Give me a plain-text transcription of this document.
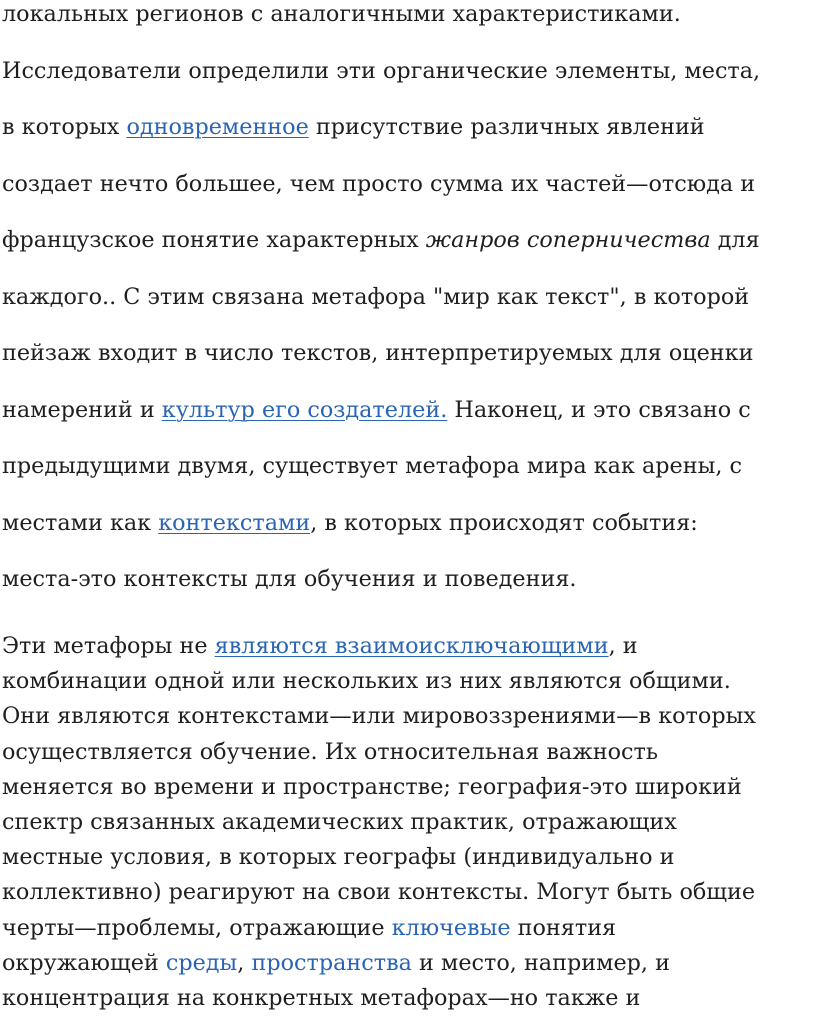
локальных регионов с аналогичными характеристиками.
Исследователи определили эти органические элементы, места,
в которых одновременное присутствие различных явлений
создает нечто большее, чем просто сумма их частей—отсюда и
французское понятие характерных жанров соперничества для
каждого.. С этим связана метафора "мир как текст", в которой
пейзаж входит в число текстов, интерпретируемых для оценки
намерений и культур его создателей. Наконец, и это связано с
предыдущими двумя, существует метафора мира как арены, с
местами как контекстами, в которых происходят события:
места-это контексты для обучения и поведения.

Эти метафоры не являются взаимоисключающими, и
комбинации одной или нескольких из них являются общими.
Они являются контекстами—или мировоззрениями—в которых
осуществляется обучение. Их относительная важность
меняется во времени и пространстве; география-это широкий
спектр связанных академических практик, отражающих
местные условия, в которых географы (индивидуально и
коллективно) реагируют на свои контексты. Могут быть общие
черты—проблемы, отражающие ключевые понятия
окружающей среды, пространства и место, например, и
концентрация на конкретных метафорах—но также и
